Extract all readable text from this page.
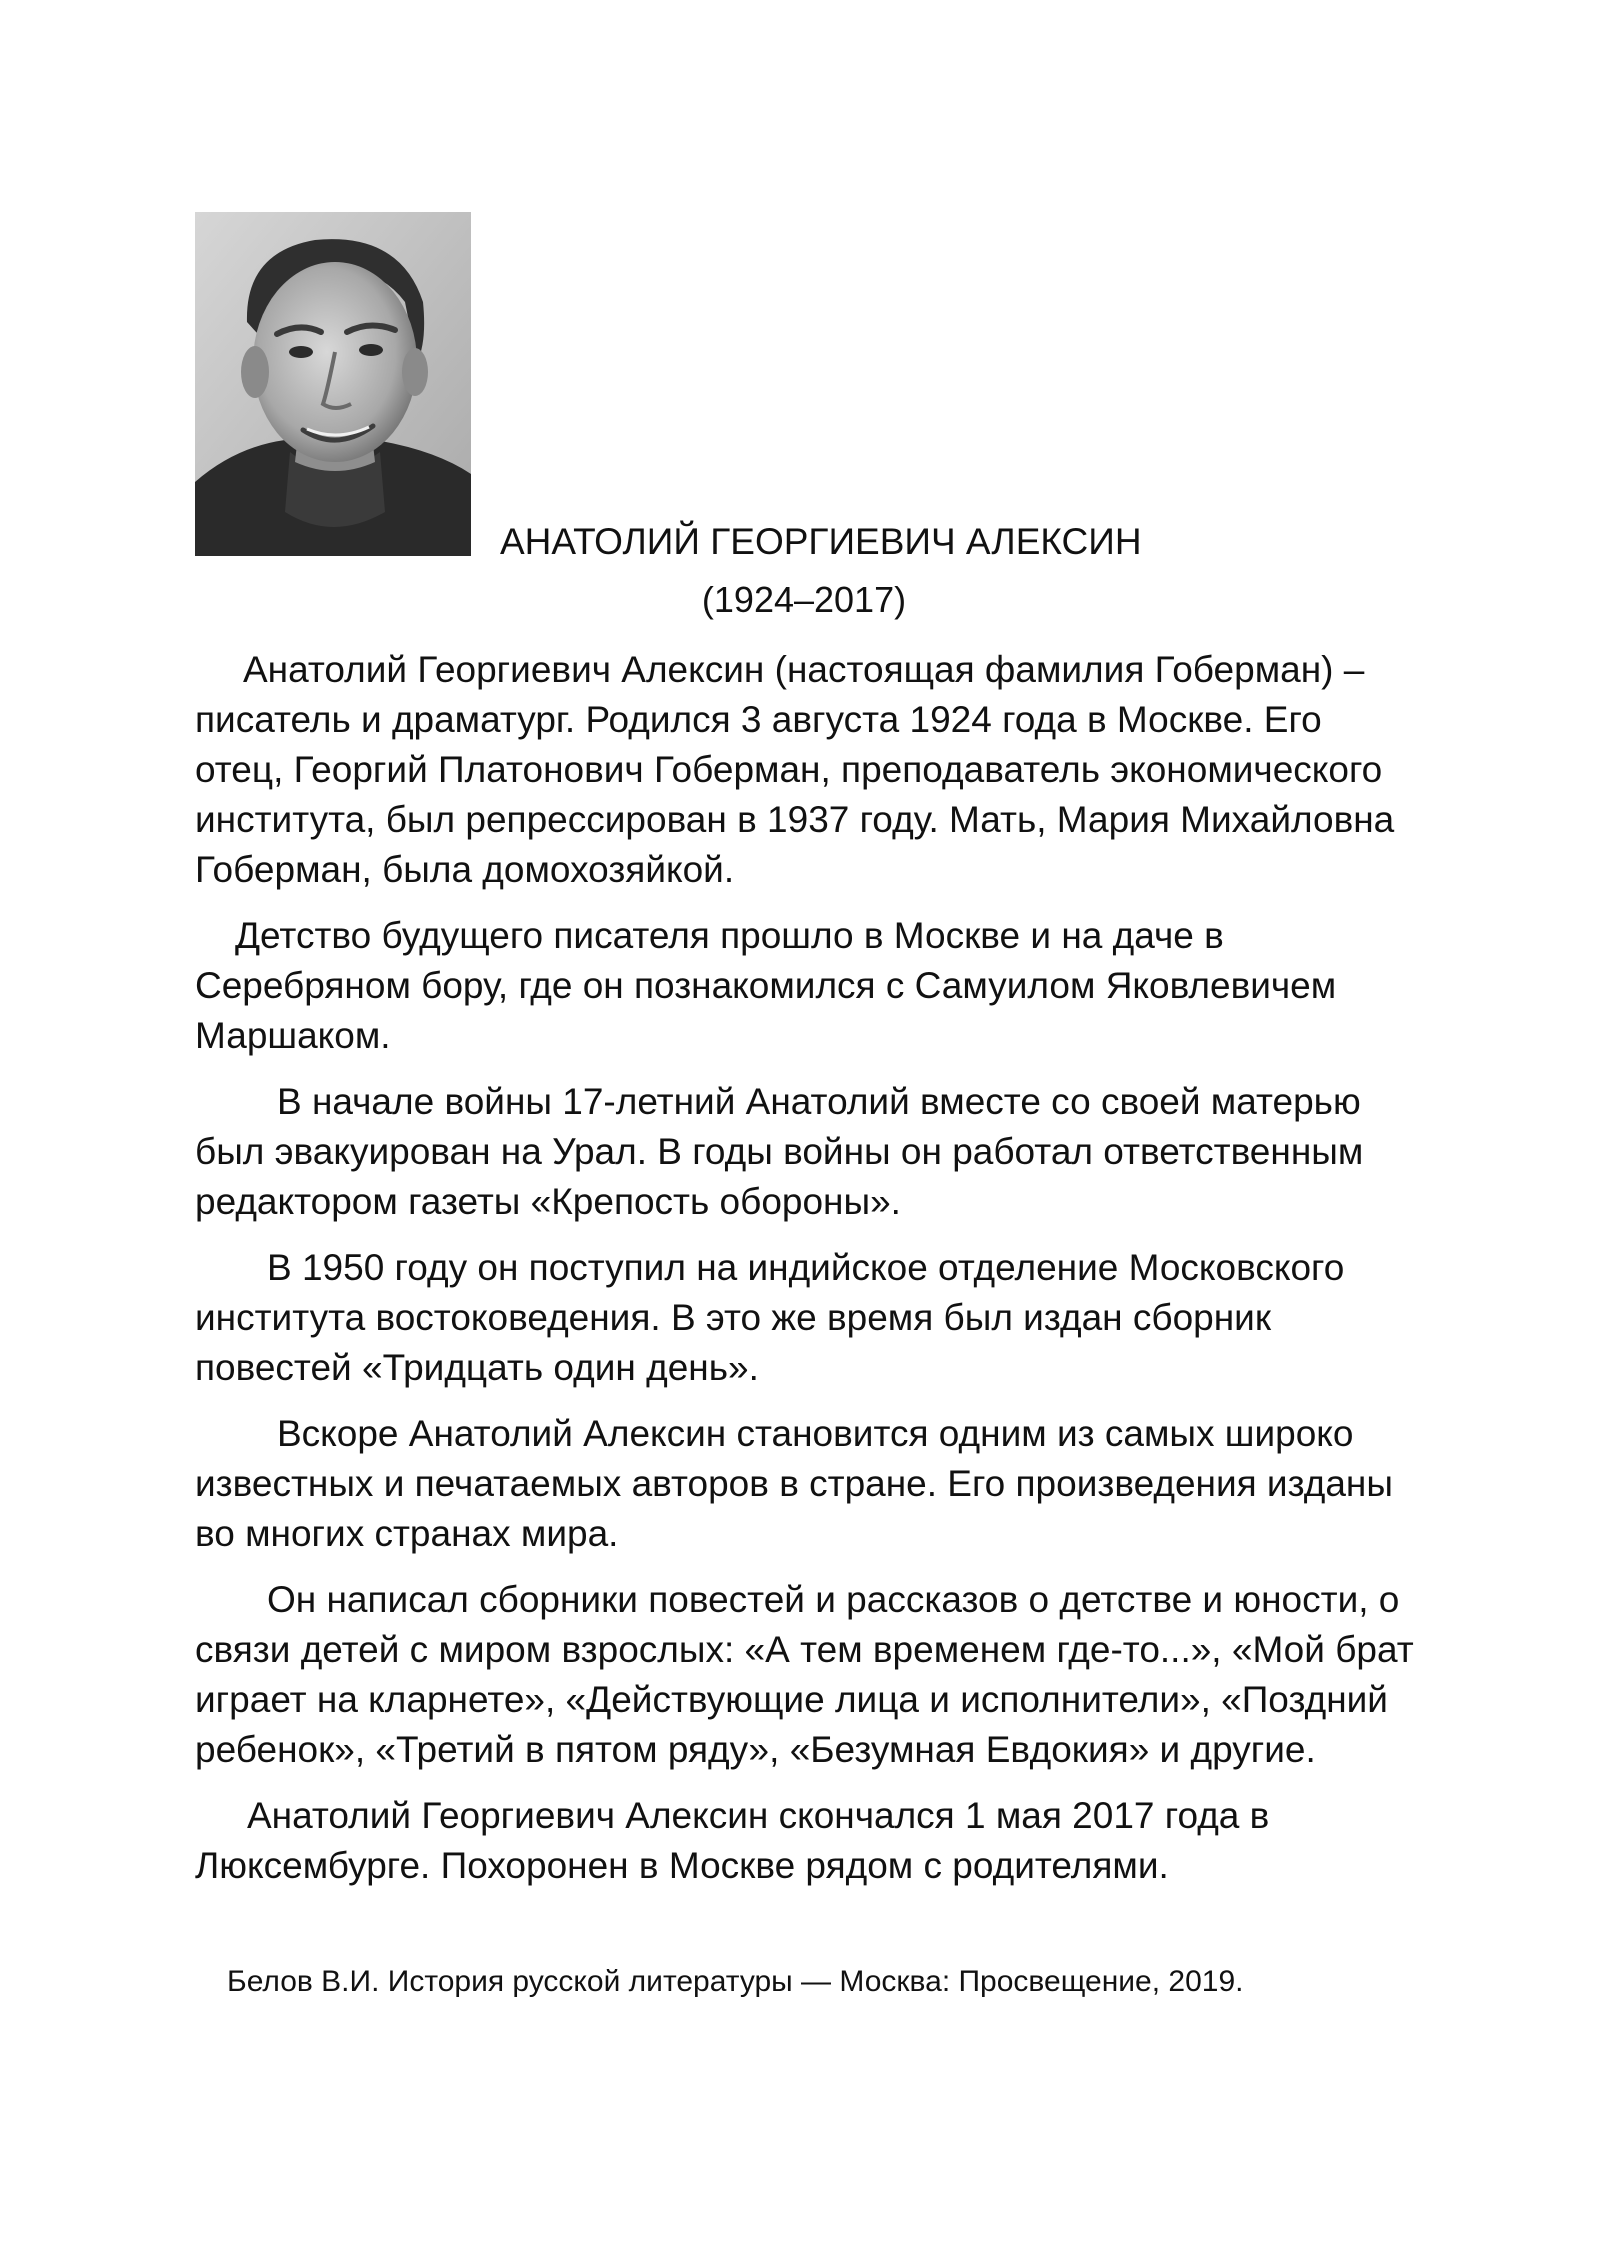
АНАТОЛИЙ ГЕОРГИЕВИЧ АЛЕКСИН
(1924–2017)

Анатолий Георгиевич Алексин (настоящая фамилия Гоберман) – писатель и драматург. Родился 3 августа 1924 года в Москве. Его отец, Георгий Платонович Гоберман, преподаватель экономического института, был репрессирован в 1937 году. Мать, Мария Михайловна Гоберман, была домохозяйкой.

Детство будущего писателя прошло в Москве и на даче в Серебряном бору, где он познакомился с Самуилом Яковлевичем Маршаком.

В начале войны 17-летний Анатолий вместе со своей матерью был эвакуирован на Урал. В годы войны он работал ответственным редактором газеты «Крепость обороны».

В 1950 году он поступил на индийское отделение Московского института востоковедения. В это же время был издан сборник повестей «Тридцать один день».

Вскоре Анатолий Алексин становится одним из самых широко известных и печатаемых авторов в стране. Его произведения изданы во многих странах мира.

Он написал сборники повестей и рассказов о детстве и юности, о связи детей с миром взрослых: «А тем временем где-то...», «Мой брат играет на кларнете», «Действующие лица и исполнители», «Поздний ребенок», «Третий в пятом ряду», «Безумная Евдокия» и другие.

Анатолий Георгиевич Алексин скончался 1 мая 2017 года в Люксембурге. Похоронен в Москве рядом с родителями.

Белов В.И. История русской литературы — Москва: Просвещение, 2019.
